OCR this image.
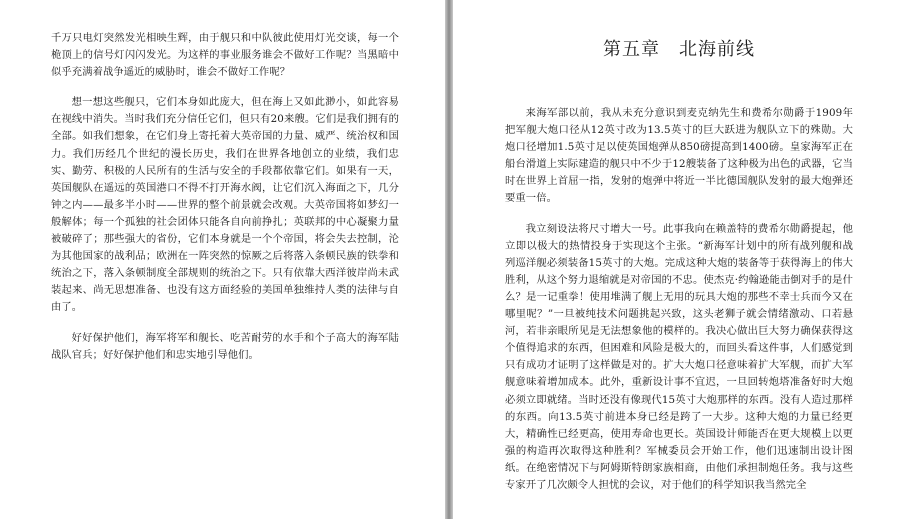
千万只电灯突然发光相映生辉，由于舰只和中队彼此使用灯光交谈，每一个桅顶上的信号灯闪闪发光。为这样的事业服务谁会不做好工作呢？当黑暗中似乎充满着战争遥近的威胁时，谁会不做好工作呢？

想一想这些舰只，它们本身如此庞大，但在海上又如此渺小，如此容易在视线中消失。当时我们充分信任它们，但只有20来艘。它们是我们拥有的全部。如我们想象，在它们身上寄托着大英帝国的力量、威严、统治权和国力。我们历经几个世纪的漫长历史，我们在世界各地创立的业绩，我们忠实、勤劳、积极的人民所有的生活与安全的手段都依靠它们。如果有一天，英国舰队在遥远的英国港口不得不打开海水阀，让它们沉入海面之下，几分钟之内——最多半小时——世界的整个前景就会改观。大英帝国将如梦幻一般解体；每一个孤独的社会团体只能各自向前挣扎；英联邦的中心凝聚力量被破碎了；那些强大的省份，它们本身就是一个个帝国，将会失去控制，沦为其他国家的战利品；欧洲在一阵突然的惊厥之后将落入条顿民族的铁拳和统治之下，落入条顿制度全部规则的统治之下。只有依靠大西洋彼岸尚未武装起来、尚无思想准备、也没有这方面经验的美国单独维持人类的法律与自由了。

好好保护他们，海军将军和舰长、吃苦耐劳的水手和个子高大的海军陆战队官兵；好好保护他们和忠实地引导他们。

第五章　北海前线

来海军部以前，我从未充分意识到麦克纳先生和费希尔勋爵于1909年把军舰大炮口径从12英寸改为13.5英寸的巨大跃进为舰队立下的殊勋。大炮口径增加1.5英寸足以使英国炮弹从850磅提高到1400磅。皇家海军正在船台滑道上实际建造的舰只中不少于12艘装备了这种极为出色的武器，它当时在世界上首屈一指，发射的炮弹中将近一半比德国舰队发射的最大炮弹还要重一倍。

我立刻设法将尺寸增大一号。此事我向在赖盖特的费希尔勋爵提起，他立即以极大的热情投身于实现这个主张。“新海军计划中的所有战列舰和战列巡洋舰必须装备15英寸的大炮。完成这种大炮的装备等于获得海上的伟大胜利，从这个努力退缩就是对帝国的不忠。使杰克·约翰逊能击倒对手的是什么？是一记重拳！使用堆满了舰上无用的玩具大炮的那些不幸士兵而今又在哪里呢？”一旦被纯技术问题挑起兴致，这头老狮子就会情绪激动、口若悬河，若非亲眼所见是无法想象他的模样的。我决心做出巨大努力确保获得这个值得追求的东西，但困难和风险是极大的，而回头看这件事，人们感觉到只有成功才证明了这样做是对的。扩大大炮口径意味着扩大军舰，而扩大军舰意味着增加成本。此外，重新设计事不宜迟，一旦回转炮塔准备好时大炮必须立即就绪。当时还没有像现代15英寸大炮那样的东西。没有人造过那样的东西。向13.5英寸前进本身已经是跨了一大步。这种大炮的力量已经更大，精确性已经更高，使用寿命也更长。英国设计师能否在更大规模上以更强的构造再次取得这种胜利？军械委员会开始工作，他们迅速制出设计图纸。在绝密情况下与阿姆斯特朗家族相商，由他们承担制炮任务。我与这些专家开了几次颇令人担忧的会议，对于他们的科学知识我当然完全
